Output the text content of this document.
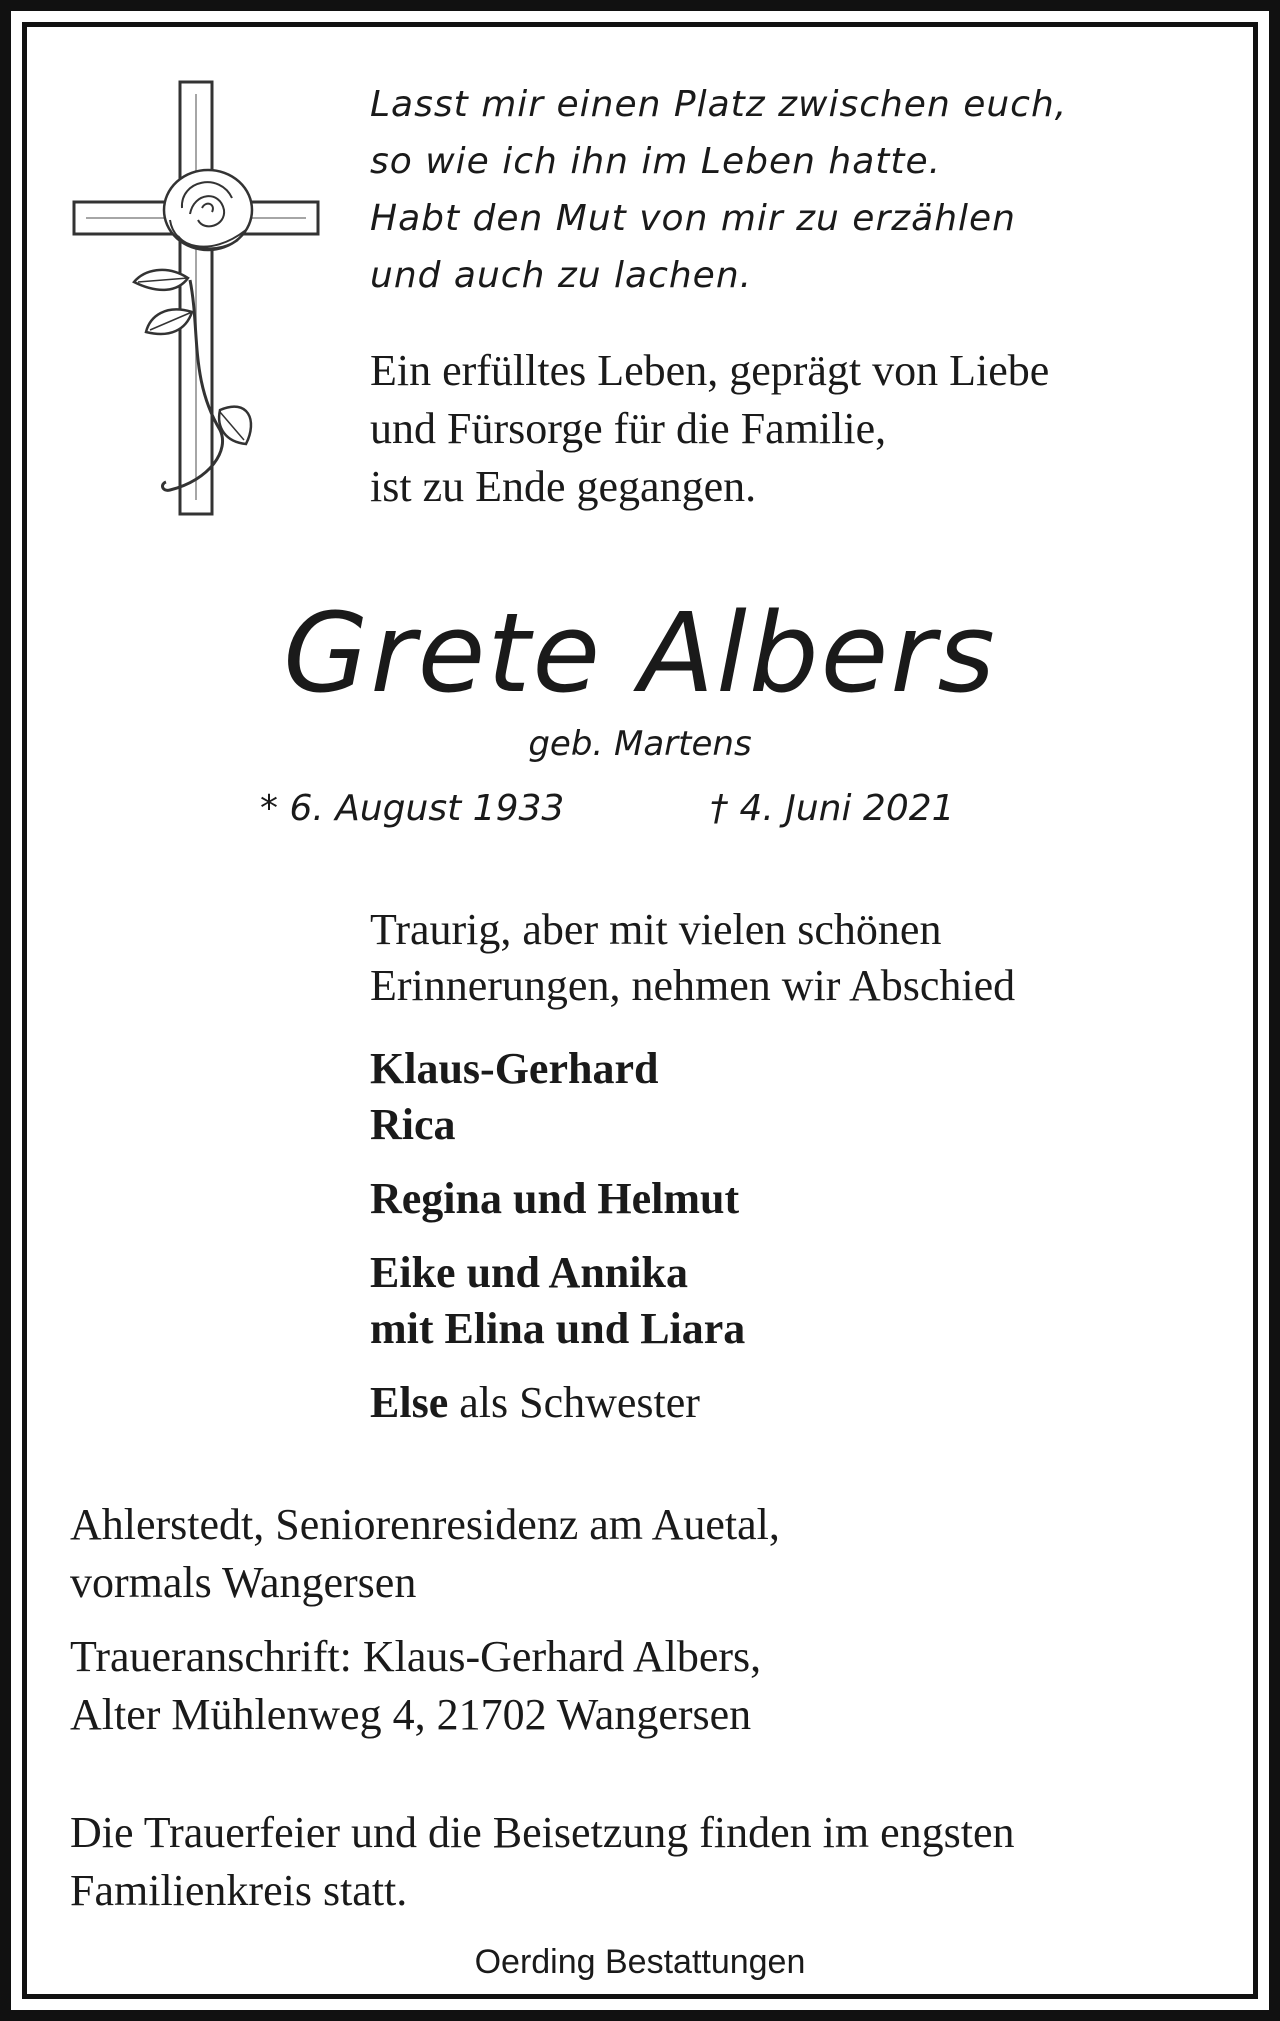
Lasst mir einen Platz zwischen euch,
so wie ich ihn im Leben hatte.
Habt den Mut von mir zu erzählen
und auch zu lachen.
Ein erfülltes Leben, geprägt von Liebe
und Fürsorge für die Familie,
ist zu Ende gegangen.
Grete Albers
geb. Martens
* 6. August 1933	† 4. Juni 2021
Traurig, aber mit vielen schönen
Erinnerungen, nehmen wir Abschied
Klaus-Gerhard
Rica
Regina und Helmut
Eike und Annika
mit Elina und Liara
Else als Schwester
Ahlerstedt, Seniorenresidenz am Auetal,
vormals Wangersen
Traueranschrift: Klaus-Gerhard Albers,
Alter Mühlenweg 4, 21702 Wangersen
Die Trauerfeier und die Beisetzung finden im engsten
Familienkreis statt.
Oerding Bestattungen
